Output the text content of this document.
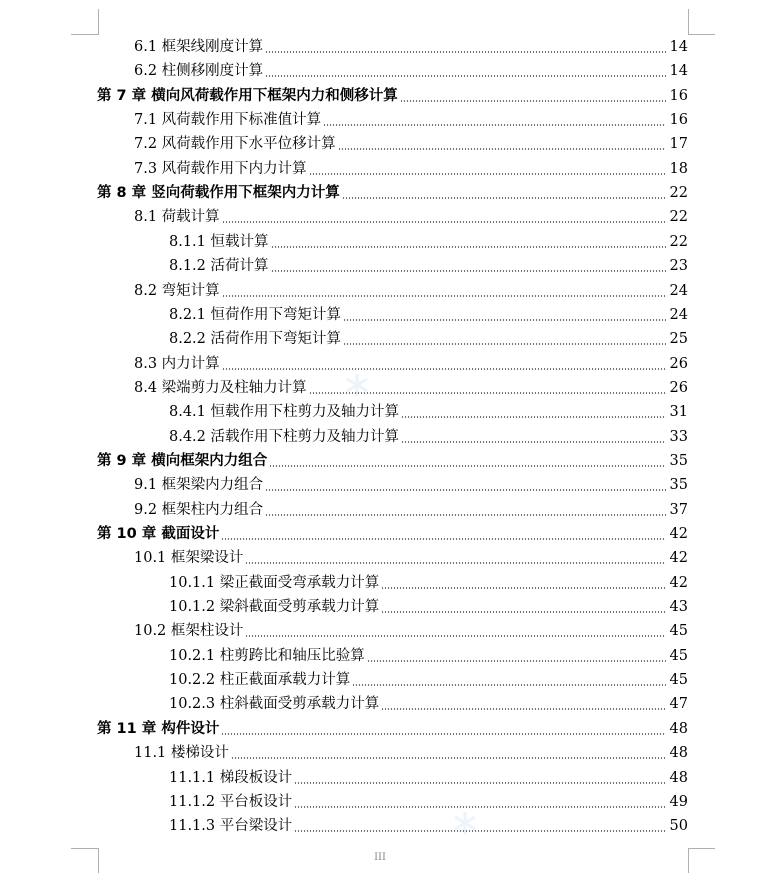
6.1 框架线刚度计算	14
6.2 柱侧移刚度计算	14
第 7 章 横向风荷载作用下框架内力和侧移计算	16
7.1 风荷载作用下标准值计算	16
7.2 风荷载作用下水平位移计算	17
7.3 风荷载作用下内力计算	18
第 8 章 竖向荷载作用下框架内力计算	22
8.1 荷载计算	22
8.1.1 恒载计算	22
8.1.2 活荷计算	23
8.2 弯矩计算	24
8.2.1 恒荷作用下弯矩计算	24
8.2.2 活荷作用下弯矩计算	25
8.3 内力计算	26
8.4 梁端剪力及柱轴力计算	26
8.4.1 恒载作用下柱剪力及轴力计算	31
8.4.2 活载作用下柱剪力及轴力计算	33
第 9 章 横向框架内力组合	35
9.1 框架梁内力组合	35
9.2 框架柱内力组合	37
第 10 章 截面设计	42
10.1 框架梁设计	42
10.1.1 梁正截面受弯承载力计算	42
10.1.2 梁斜截面受剪承载力计算	43
10.2 框架柱设计	45
10.2.1 柱剪跨比和轴压比验算	45
10.2.2 柱正截面承载力计算	45
10.2.3 柱斜截面受剪承载力计算	47
第 11 章 构件设计	48
11.1 楼梯设计	48
11.1.1 梯段板设计	48
11.1.2 平台板设计	49
11.1.3 平台梁设计	50
III
